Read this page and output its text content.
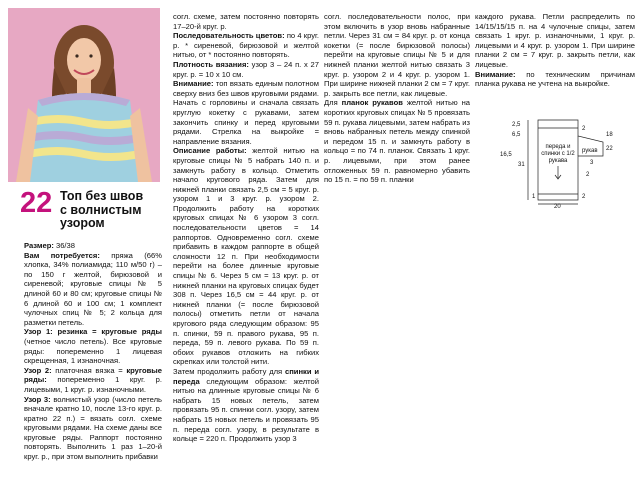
22 Топ без швов
с волнистым
узором

Размер: 36/38

Вам потребуется: пряжа (66% хлопка, 34% полиамида; 110 м/50 г) – по 150 г желтой, бирюзовой и сиреневой; круговые спицы № 5 длиной 60 и 80 см; круговые спицы № 6 длиной 60 и 100 см; 1 комплект чулочных спиц № 5; 2 кольца для разметки петель.

Узор 1: резинка = круговые ряды (четное число петель). Все круговые ряды: попеременно 1 лицевая скрещенная, 1 изнаночная.

Узор 2: платочная вязка = круговые ряды: попеременно 1 круг. р. лицевыми, 1 круг. р. изнаночными.

Узор 3: волнистый узор (число петель вначале кратно 10, после 13-го круг. р. кратно 22 п.) = вязать согл. схеме круговыми рядами. На схеме даны все круговые ряды. Раппорт постоянно повторять. Выполнить 1 раз 1–20-й круг. р., при этом выполнить прибавки

согл. схеме, затем постоянно повторять 17–20-й круг. р.

Последовательность цветов: по 4 круг. р. * сиреневой, бирюзовой и желтой нитью, от * постоянно повторять.

Плотность вязания: узор 3 – 24 п. x 27 круг. р. = 10 x 10 см.

Внимание: топ вязать единым полотном сверху вниз без швов круговыми рядами. Начать с горловины и сначала связать круглую кокетку с рукавами, затем закончить спинку и перед круговыми рядами. Стрелка на выкройке = направление вязания.

Описание работы: желтой нитью на круговые спицы № 5 набрать 140 п. и замкнуть работу в кольцо. Отметить начало кругового ряда. Затем для нижней планки связать 2,5 см = 5 круг. р. узором 1 и 3 круг. р. узором 2. Продолжить работу на коротких круговых спицах № 6 узором 3 согл. последовательности цветов = 14 раппортов. Одновременно согл. схеме прибавить в каждом раппорте в общей сложности 12 п. При необходимости перейти на более длинные круговые спицы № 6. Через 5 см = 13 круг. р. от нижней планки на круговых спицах будет 308 п. Через 16,5 см = 44 круг. р. от нижней планки (= после бирюзовой полосы) отметить петли от начала кругового ряда следующим образом: 95 п. спинки, 59 п. правого рукава, 95 п. переда, 59 п. левого рукава. По 59 п. обоих рукавов отложить на гибких скрепках или толстой нити.

Затем продолжить работу для спинки и переда следующим образом: желтой нитью на длинные круговые спицы № 6 набрать 15 новых петель, затем провязать 95 п. спинки согл. узору, затем набрать 15 новых петель и провязать 95 п. переда согл. узору, в результате в кольце = 220 п. Продолжить узор 3

согл. последовательности полос, при этом включить в узор вновь набранные петли. Через 31 см = 84 круг. р. от конца кокетки (= после бирюзовой полосы) перейти на круговые спицы № 5 и для нижней планки желтой нитью связать 3 круг. р. узором 2 и 4 круг. р. узором 1. При ширине нижней планки 2 см = 7 круг. р. закрыть все петли, как лицевые.

Для планок рукавов желтой нитью на коротких круговых спицах № 5 провязать 59 п. рукава лицевыми, затем набрать из вновь набранных петель между спинкой и передом 15 п. и замкнуть работу в кольцо = по 74 п. планок. Связать 1 круг. р. лицевыми, при этом ранее отложенных 59 п. равномерно убавить по 15 п. = по 59 п. планки

каждого рукава. Петли распределить по 14/15/15/15 п. на 4 чулочные спицы, затем связать 1 круг. р. изнаночными, 1 круг. р. лицевыми и 4 круг. р. узором 1. При ширине планки 2 см = 7 круг. р. закрыть петли, как лицевые.

Внимание: по техническим причинам планка рукава не учтена на выкройке.

2,5
6,5	18
31
22
20
3
1
2
2
2
16,5
рукав
переда и спинки с 1/2 рукава
